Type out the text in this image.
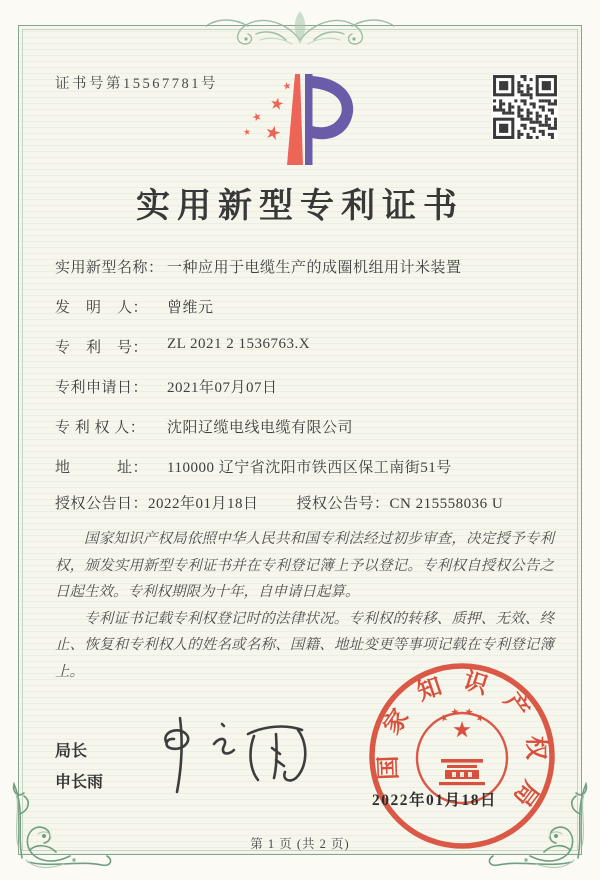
证书号第15567781号
实用新型专利证书
实用新型名称： 一种应用于电缆生产的成圈机组用计米装置
发　明　人：	曾维元
专　利　号：	ZL 2021 2 1536763.X
专利申请日：	2021年07月07日
专 利 权 人：	沈阳辽缆电线电缆有限公司
地　　　址：	110000 辽宁省沈阳市铁西区保工南街51号
授权公告日：2022年01月18日	授权公告号：CN 215558036 U

国家知识产权局依照中华人民共和国专利法经过初步审查，决定授予专利权，颁发实用新型专利证书并在专利登记簿上予以登记。专利权自授权公告之日起生效。专利权期限为十年，自申请日起算。

专利证书记载专利权登记时的法律状况。专利权的转移、质押、无效、终止、恢复和专利权人的姓名或名称、国籍、地址变更等事项记载在专利登记簿上。

局长
申长雨
国家知识产权局
2022年01月18日
第 1 页 (共 2 页)
